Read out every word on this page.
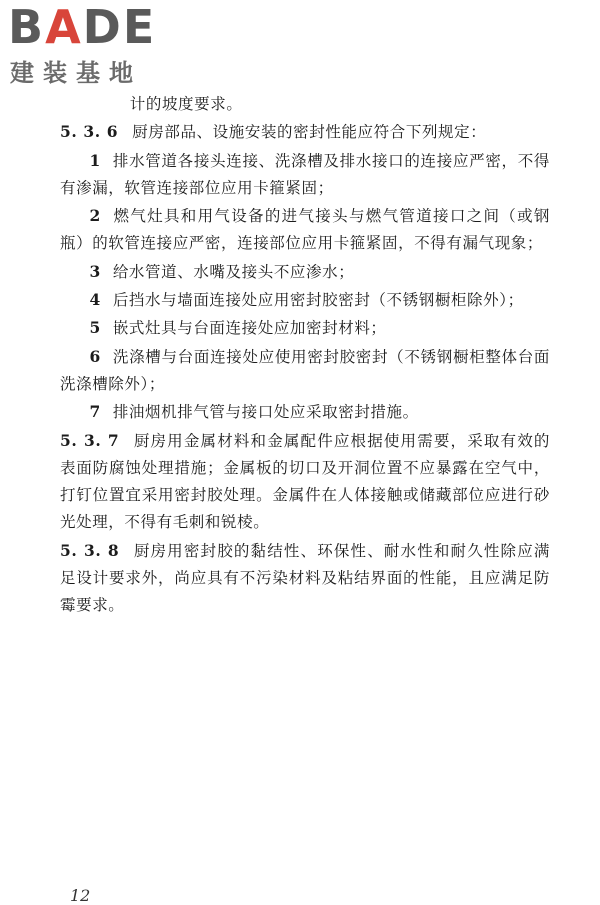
BADE
建装基地

计的坡度要求。

5. 3. 6 厨房部品、设施安装的密封性能应符合下列规定：

1 排水管道各接头连接、洗涤槽及排水接口的连接应严密，不得有渗漏，软管连接部位应用卡箍紧固；

2 燃气灶具和用气设备的进气接头与燃气管道接口之间（或钢瓶）的软管连接应严密，连接部位应用卡箍紧固，不得有漏气现象；

3 给水管道、水嘴及接头不应渗水；

4 后挡水与墙面连接处应用密封胶密封（不锈钢橱柜除外）；

5 嵌式灶具与台面连接处应加密封材料；

6 洗涤槽与台面连接处应使用密封胶密封（不锈钢橱柜整体台面洗涤槽除外）；

7 排油烟机排气管与接口处应采取密封措施。

5. 3. 7 厨房用金属材料和金属配件应根据使用需要，采取有效的表面防腐蚀处理措施；金属板的切口及开洞位置不应暴露在空气中，打钉位置宜采用密封胶处理。金属件在人体接触或储藏部位应进行砂光处理，不得有毛刺和锐棱。

5. 3. 8 厨房用密封胶的黏结性、环保性、耐水性和耐久性除应满足设计要求外，尚应具有不污染材料及粘结界面的性能，且应满足防霉要求。

12
